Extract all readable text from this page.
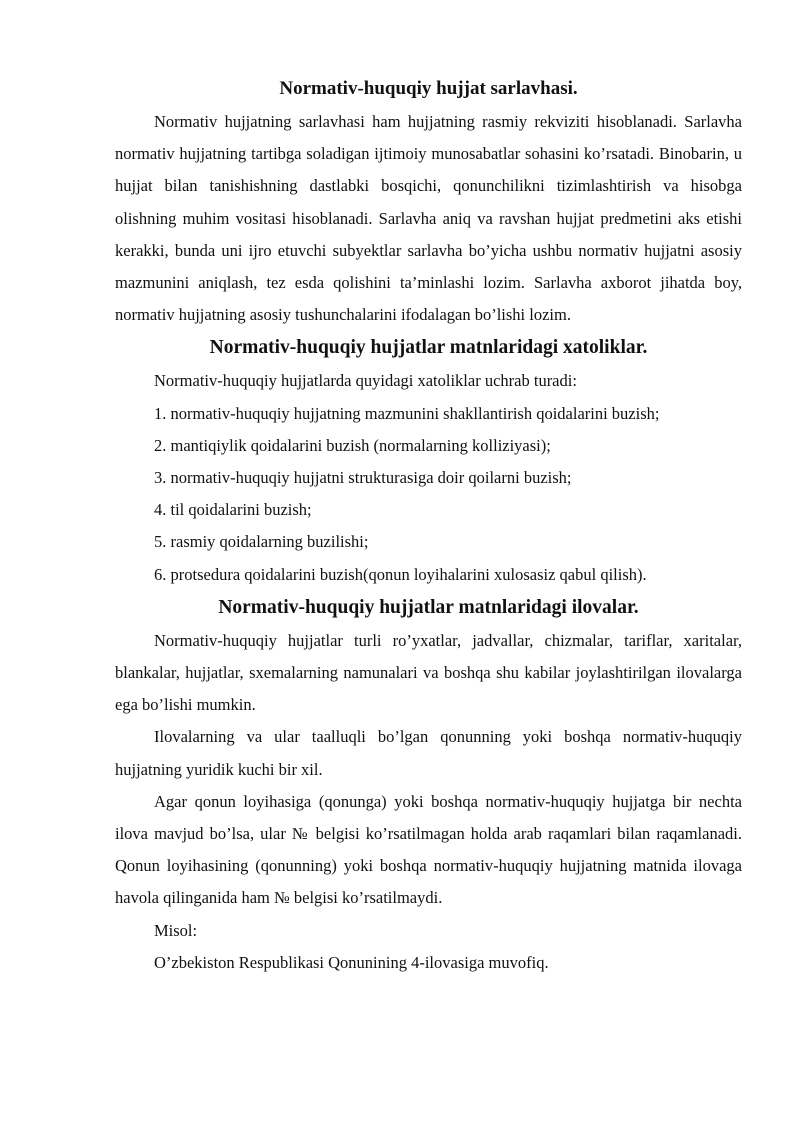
Normativ-huquqiy hujjat sarlavhasi.

Normativ hujjatning sarlavhasi ham hujjatning rasmiy rekviziti hisoblanadi. Sarlavha normativ hujjatning tartibga soladigan ijtimoiy munosabatlar sohasini ko’rsatadi. Binobarin, u hujjat bilan tanishishning dastlabki bosqichi, qonunchilikni tizimlashtirish va hisobga olishning muhim vositasi hisoblanadi. Sarlavha aniq va ravshan hujjat predmetini aks etishi kerakki, bunda uni ijro etuvchi subyektlar sarlavha bo’yicha ushbu normativ hujjatni asosiy mazmunini aniqlash, tez esda qolishini ta’minlashi lozim. Sarlavha axborot jihatda boy, normativ hujjatning asosiy tushunchalarini ifodalagan bo’lishi lozim.

Normativ-huquqiy hujjatlar matnlaridagi xatoliklar.

Normativ-huquqiy hujjatlarda quyidagi xatoliklar uchrab turadi:

1. normativ-huquqiy hujjatning mazmunini shakllantirish qoidalarini buzish;
2. mantiqiylik qoidalarini buzish (normalarning kolliziyasi);
3. normativ-huquqiy hujjatni strukturasiga doir qoilarni buzish;
4. til qoidalarini buzish;
5. rasmiy qoidalarning buzilishi;
6. protsedura qoidalarini buzish(qonun loyihalarini xulosasiz qabul qilish).
Normativ-huquqiy hujjatlar matnlaridagi ilovalar.

Normativ-huquqiy hujjatlar turli ro’yxatlar, jadvallar, chizmalar, tariflar, xaritalar, blankalar, hujjatlar, sxemalarning namunalari va boshqa shu kabilar joylashtirilgan ilovalarga ega bo’lishi mumkin.

Ilovalarning va ular taalluqli bo’lgan qonunning yoki boshqa normativ-huquqiy hujjatning yuridik kuchi bir xil.

Agar qonun loyihasiga (qonunga) yoki boshqa normativ-huquqiy hujjatga bir nechta ilova mavjud bo’lsa, ular № belgisi ko’rsatilmagan holda arab raqamlari bilan raqamlanadi. Qonun loyihasining (qonunning) yoki boshqa normativ-huquqiy hujjatning matnida ilovaga havola qilinganida ham № belgisi ko’rsatilmaydi.

Misol:

O’zbekiston Respublikasi Qonunining 4-ilovasiga muvofiq.
